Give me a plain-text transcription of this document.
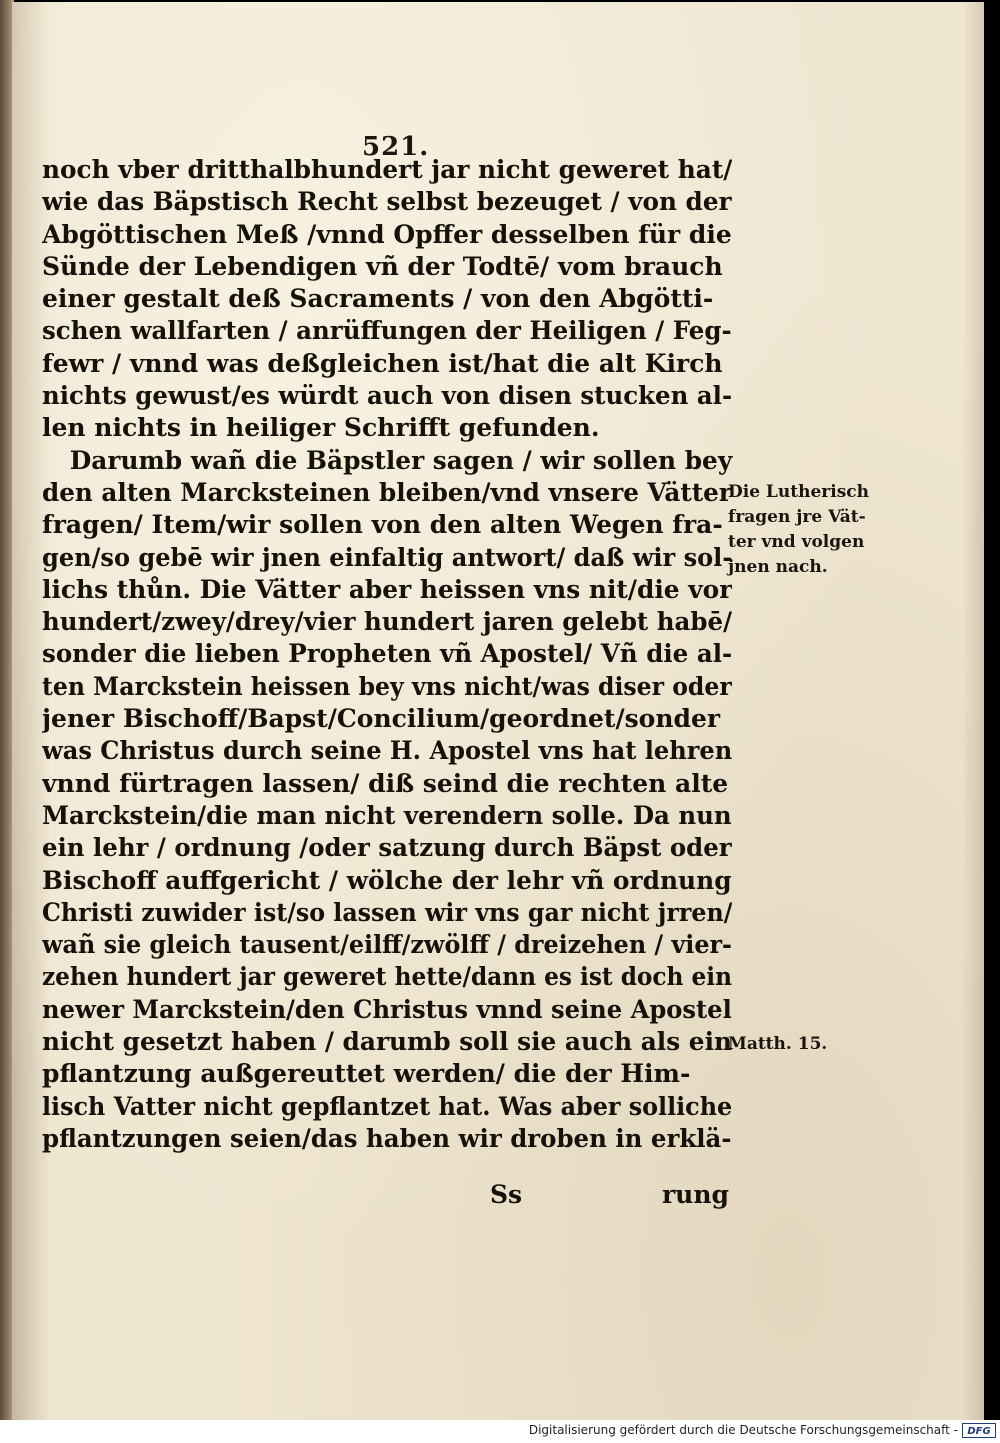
521.
noch vber dritthalbhundert jar nicht geweret hat/
wie das Bäpstisch Recht selbst bezeuget / von der
Abgöttischen Meß /vnnd Opffer desselben für die
Sünde der Lebendigen vñ der Todtē/ vom brauch
einer gestalt deß Sacraments / von den Abgötti-
schen wallfarten / anrüffungen der Heiligen / Feg-
fewr / vnnd was deßgleichen ist/hat die alt Kirch
nichts gewust/es würdt auch von disen stucken al-
len nichts in heiliger Schrifft gefunden.
Darumb wañ die Bäpstler sagen / wir sollen bey
den alten Marckstеinen bleiben/vnd vnsere Vätter
fragen/ Item/wir sollen von den alten Wegen fra-
gen/so gebē wir jnen einfaltig antwort/ daß wir sol-
lichs thůn. Die Vätter aber heissen vns nit/die vor
hundert/zwey/drey/vier hundert jaren gelebt habē/
sonder die lieben Propheten vñ Apostel/ Vñ die al-
ten Marckstein heissen bey vns nicht/was diser oder
jener Bischoff/Bapst/Concilium/geordnet/sonder
was Christus durch seine H. Apostel vns hat lehren
vnnd fürtragen lassen/ diß seind die rechten alte
Marckstein/die man nicht verendern solle. Da nun
ein lehr / ordnung /oder satzung durch Bäpst oder
Bischoff auffgericht / wölche der lehr vñ ordnung
Christi zuwider ist/so lassen wir vns gar nicht jrren/
wañ sie gleich tausent/eilff/zwölff / dreizehen / vier-
zehen hundert jar geweret hette/dann es ist doch ein
newer Marckstein/den Christus vnnd seine Apostel
nicht gesetzt haben / darumb soll sie auch als ein
pflantzung außgereuttet werden/ die der Him-
lisch Vatter nicht gepflantzet hat. Was aber solliche
pflantzungen seien/das haben wir droben in erklä-
Ss	rung
Die Lutherisch
fragen jre Vät-
ter vnd volgen
jnen nach.
Matth. 15.
Digitalisierung gefördert durch die Deutsche Forschungsgemeinschaft - DFG
